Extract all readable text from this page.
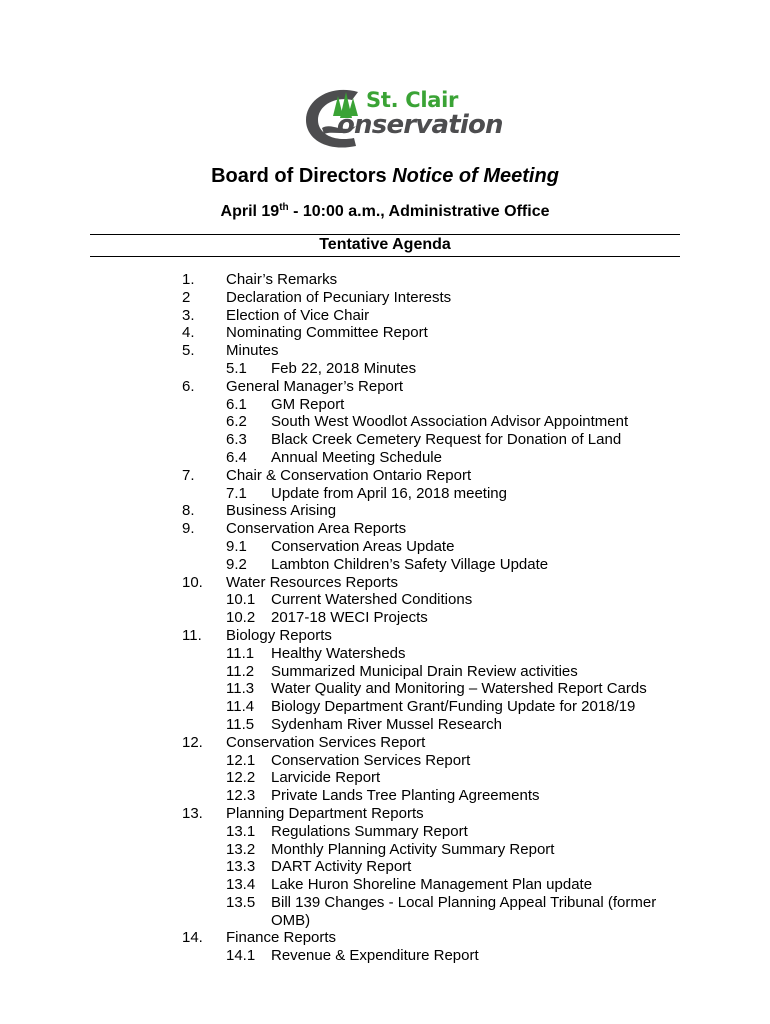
St. Clair
onservation
Board of Directors Notice of Meeting
April 19th - 10:00 a.m., Administrative Office
Tentative Agenda
1. Chair’s Remarks
2 Declaration of Pecuniary Interests
3. Election of Vice Chair
4. Nominating Committee Report
5. Minutes
5.1 Feb 22, 2018 Minutes
6. General Manager’s Report
6.1 GM Report
6.2 South West Woodlot Association Advisor Appointment
6.3 Black Creek Cemetery Request for Donation of Land
6.4 Annual Meeting Schedule
7. Chair & Conservation Ontario Report
7.1 Update from April 16, 2018 meeting
8. Business Arising
9. Conservation Area Reports
9.1 Conservation Areas Update
9.2 Lambton Children’s Safety Village Update
10. Water Resources Reports
10.1 Current Watershed Conditions
10.2 2017-18 WECI Projects
11. Biology Reports
11.1 Healthy Watersheds
11.2 Summarized Municipal Drain Review activities
11.3 Water Quality and Monitoring – Watershed Report Cards
11.4 Biology Department Grant/Funding Update for 2018/19
11.5 Sydenham River Mussel Research
12. Conservation Services Report
12.1 Conservation Services Report
12.2 Larvicide Report
12.3 Private Lands Tree Planting Agreements
13. Planning Department Reports
13.1 Regulations Summary Report
13.2 Monthly Planning Activity Summary Report
13.3 DART Activity Report
13.4 Lake Huron Shoreline Management Plan update
13.5 Bill 139 Changes - Local Planning Appeal Tribunal (former
OMB)
14. Finance Reports
14.1 Revenue & Expenditure Report
